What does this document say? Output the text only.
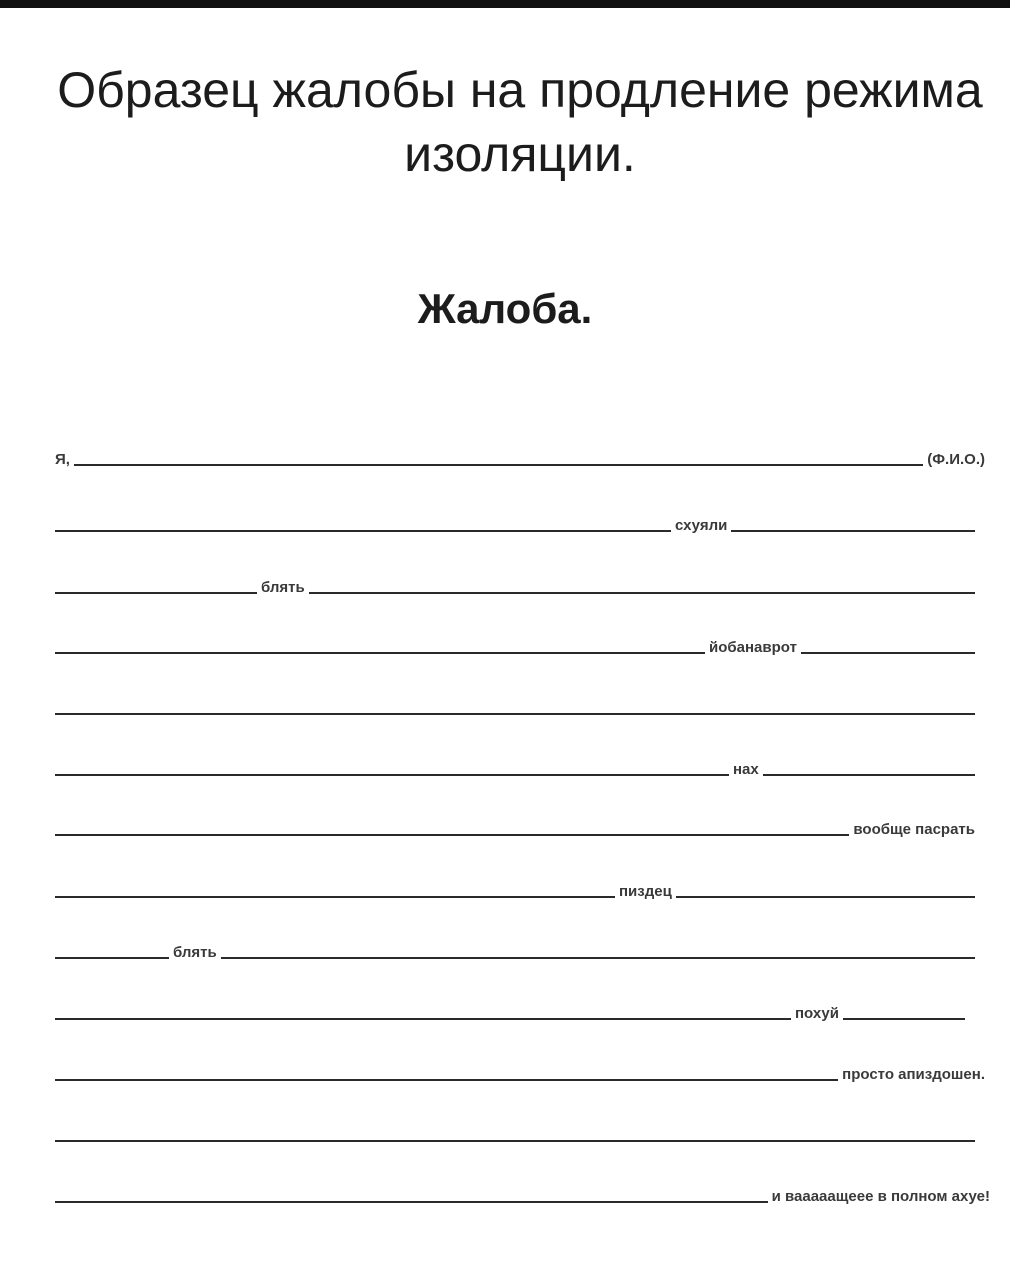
Образец жалобы на продление режима изоляции.
Жалоба.
Я,	(Ф.И.О.)
схуяли
блять
йобанаврот
нах
вообще пасрать
пиздец
блять
похуй
просто апиздошен.
и вааааащеее в полном ахуе!
